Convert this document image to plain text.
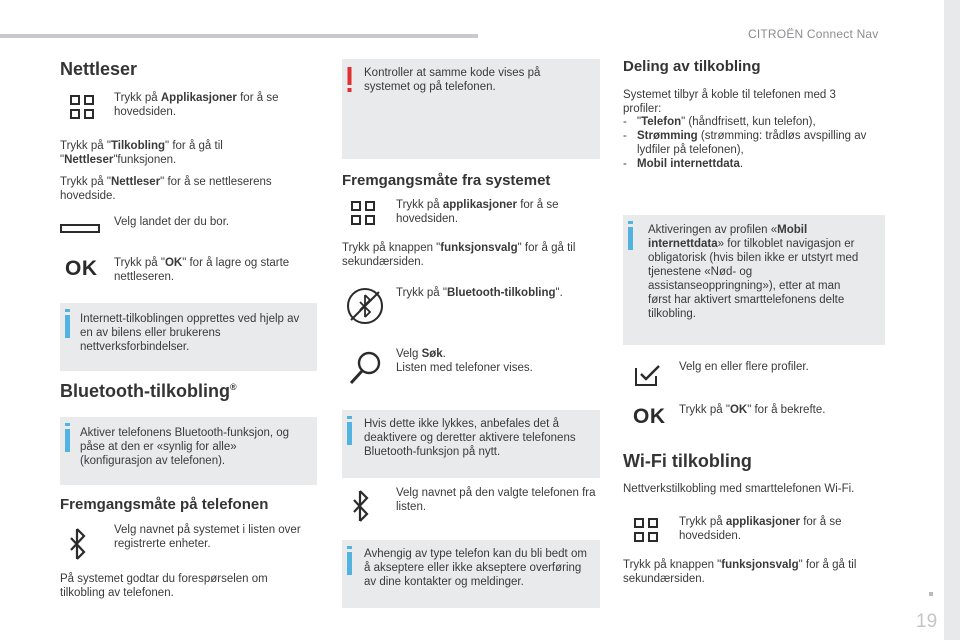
CITROËN Connect Nav
19
Nettleser
Trykk på Applikasjoner for å se hovedsiden.
Trykk på "Tilkobling" for å gå til "Nettleser"funksjonen.
Trykk på "Nettleser" for å se nettleserens hovedside.
Velg landet der du bor.
OK Trykk på "OK" for å lagre og starte nettleseren.
Internett-tilkoblingen opprettes ved hjelp av en av bilens eller brukerens nettverksforbindelser.
Bluetooth-tilkobling®
Aktiver telefonens Bluetooth-funksjon, og påse at den er «synlig for alle» (konfigurasjon av telefonen).
Fremgangsmåte på telefonen
Velg navnet på systemet i listen over registrerte enheter.
På systemet godtar du forespørselen om tilkobling av telefonen.
Kontroller at samme kode vises på systemet og på telefonen.
Fremgangsmåte fra systemet
Trykk på applikasjoner for å se hovedsiden.
Trykk på knappen "funksjonsvalg" for å gå til sekundærsiden.
Trykk på "Bluetooth-tilkobling".
Velg Søk.
Listen med telefoner vises.
Hvis dette ikke lykkes, anbefales det å deaktivere og deretter aktivere telefonens Bluetooth-funksjon på nytt.
Velg navnet på den valgte telefonen fra listen.
Avhengig av type telefon kan du bli bedt om å akseptere eller ikke akseptere overføring av dine kontakter og meldinger.
Deling av tilkobling
Systemet tilbyr å koble til telefonen med 3 profiler:
- "Telefon" (håndfrisett, kun telefon),
- Strømming (strømming: trådløs avspilling av lydfiler på telefonen),
- Mobil internettdata.
Aktiveringen av profilen «Mobil internettdata» for tilkoblet navigasjon er obligatorisk (hvis bilen ikke er utstyrt med tjenestene «Nød- og assistanseoppringning»), etter at man først har aktivert smarttelefonens delte tilkobling.
Velg en eller flere profiler.
OK Trykk på "OK" for å bekrefte.
Wi-Fi tilkobling
Nettverkstilkobling med smarttelefonen Wi-Fi.
Trykk på applikasjoner for å se hovedsiden.
Trykk på knappen "funksjonsvalg" for å gå til sekundærsiden.
